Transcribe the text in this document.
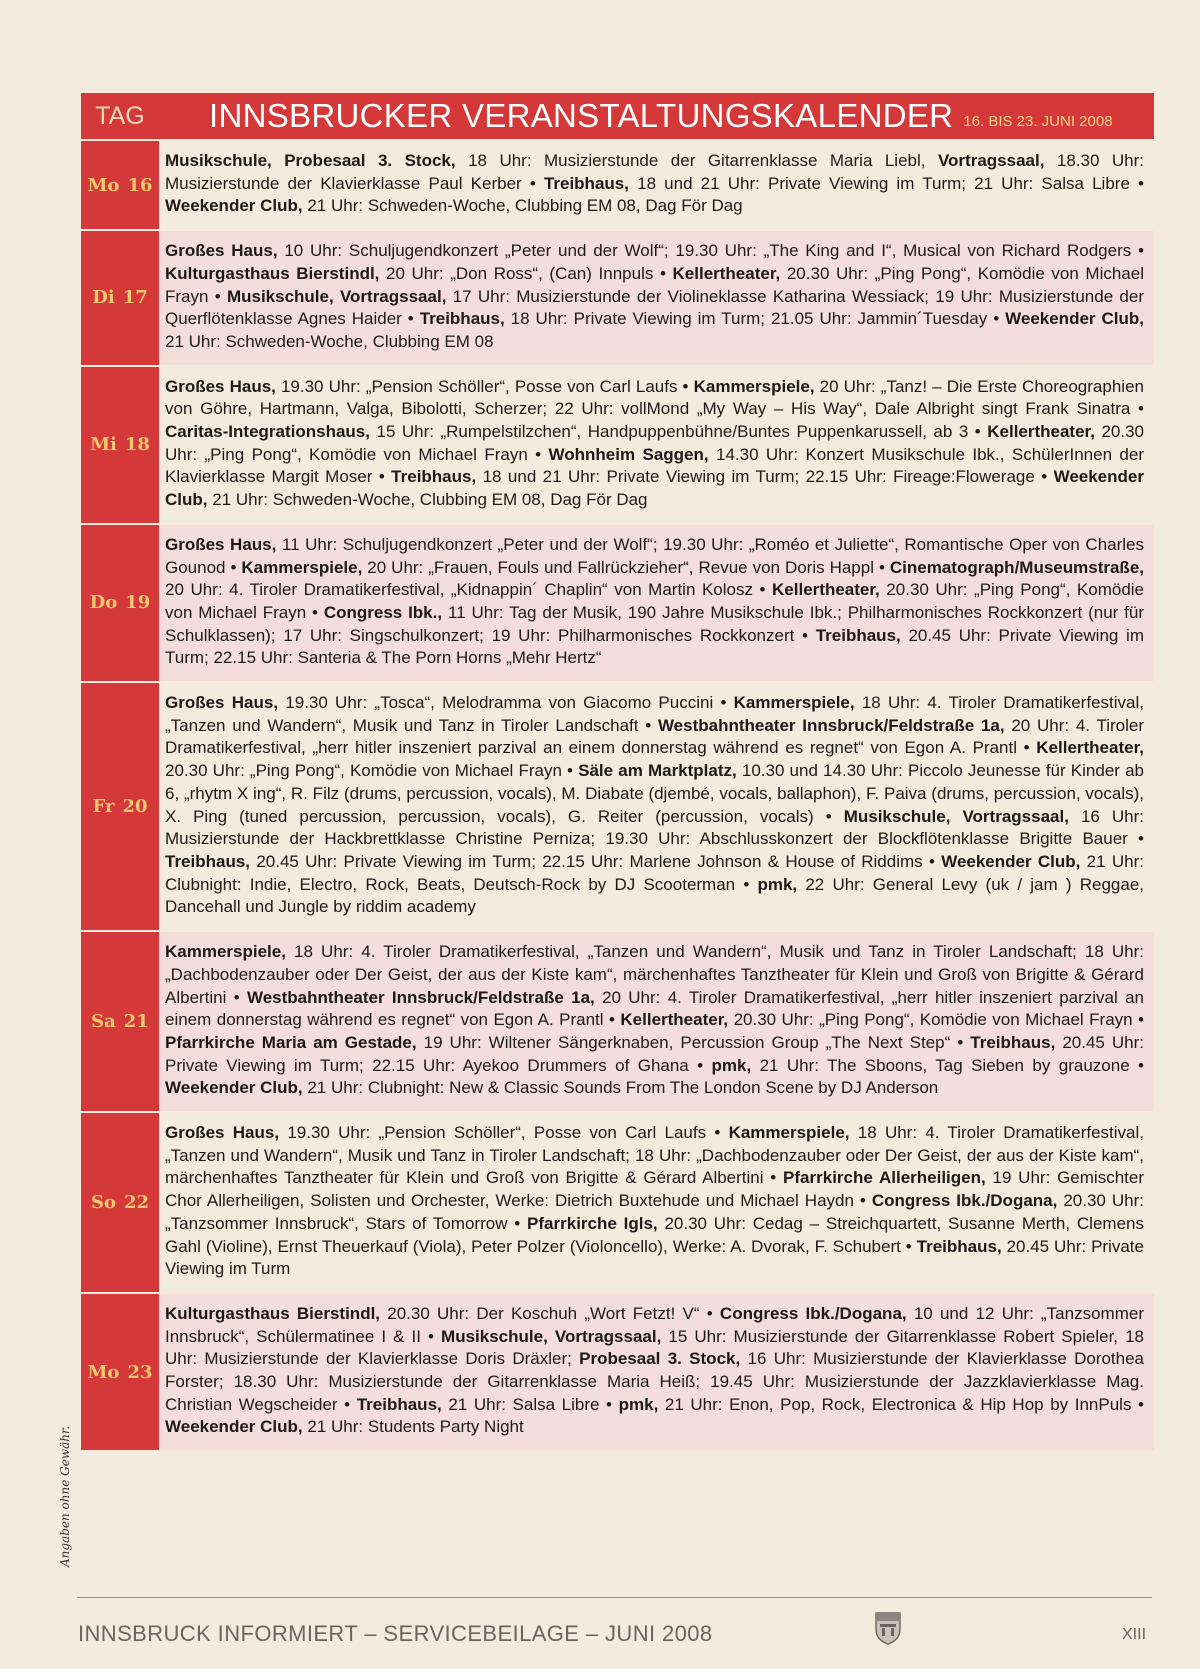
TAG	INNSBRUCKER VERANSTALTUNGSKALENDER 16. BIS 23. JUNI 2008
Mo 16
Musikschule, Probesaal 3. Stock, 18 Uhr: Musizierstunde der Gitarrenklasse Maria Liebl, Vortragssaal, 18.30 Uhr: Musizierstunde der Klavierklasse Paul Kerber • Treibhaus, 18 und 21 Uhr: Private Viewing im Turm; 21 Uhr: Salsa Libre • Weekender Club, 21 Uhr: Schweden-Woche, Clubbing EM 08, Dag För Dag
Di 17
Großes Haus, 10 Uhr: Schuljugendkonzert „Peter und der Wolf“; 19.30 Uhr: „The King and I“, Musical von Richard Rodgers • Kulturgasthaus Bierstindl, 20 Uhr: „Don Ross“, (Can) Innpuls • Kellertheater, 20.30 Uhr: „Ping Pong“, Komödie von Michael Frayn • Musikschule, Vortragssaal, 17 Uhr: Musizierstunde der Violineklasse Katharina Wessiack; 19 Uhr: Musizierstunde der Querflötenklasse Agnes Haider • Treibhaus, 18 Uhr: Private Viewing im Turm; 21.05 Uhr: Jammin´Tuesday • Weekender Club, 21 Uhr: Schweden-Woche, Clubbing EM 08
Mi 18
Großes Haus, 19.30 Uhr: „Pension Schöller“, Posse von Carl Laufs • Kammerspiele, 20 Uhr: „Tanz! – Die Erste Choreographien von Göhre, Hartmann, Valga, Bibolotti, Scherzer; 22 Uhr: vollMond „My Way – His Way“, Dale Albright singt Frank Sinatra • Caritas-Integrationshaus, 15 Uhr: „Rumpelstilzchen“, Handpuppenbühne/Buntes Puppenkarussell, ab 3 • Kellertheater, 20.30 Uhr: „Ping Pong“, Komödie von Michael Frayn • Wohnheim Saggen, 14.30 Uhr: Konzert Musikschule Ibk., SchülerInnen der Klavierklasse Margit Moser • Treibhaus, 18 und 21 Uhr: Private Viewing im Turm; 22.15 Uhr: Fireage:Flowerage • Weekender Club, 21 Uhr: Schweden-Woche, Clubbing EM 08, Dag För Dag
Do 19
Großes Haus, 11 Uhr: Schuljugendkonzert „Peter und der Wolf“; 19.30 Uhr: „Roméo et Juliette“, Romantische Oper von Charles Gounod • Kammerspiele, 20 Uhr: „Frauen, Fouls und Fallrückzieher“, Revue von Doris Happl • Cinematograph/Museumstraße, 20 Uhr: 4. Tiroler Dramatikerfestival, „Kidnappin´ Chaplin“ von Martin Kolosz • Kellertheater, 20.30 Uhr: „Ping Pong“, Komödie von Michael Frayn • Congress Ibk., 11 Uhr: Tag der Musik, 190 Jahre Musikschule Ibk.; Philharmonisches Rockkonzert (nur für Schulklassen); 17 Uhr: Singschulkonzert; 19 Uhr: Philharmonisches Rockkonzert • Treibhaus, 20.45 Uhr: Private Viewing im Turm; 22.15 Uhr: Santeria & The Porn Horns „Mehr Hertz“
Fr 20
Großes Haus, 19.30 Uhr: „Tosca“, Melodramma von Giacomo Puccini • Kammerspiele, 18 Uhr: 4. Tiroler Dramatikerfestival, „Tanzen und Wandern“, Musik und Tanz in Tiroler Landschaft • Westbahntheater Innsbruck/Feldstraße 1a, 20 Uhr: 4. Tiroler Dramatikerfestival, „herr hitler inszeniert parzival an einem donnerstag während es regnet“ von Egon A. Prantl • Kellertheater, 20.30 Uhr: „Ping Pong“, Komödie von Michael Frayn • Säle am Marktplatz, 10.30 und 14.30 Uhr: Piccolo Jeunesse für Kinder ab 6, „rhytm X ing“, R. Filz (drums, percussion, vocals), M. Diabate (djembé, vocals, ballaphon), F. Paiva (drums, percussion, vocals), X. Ping (tuned percussion, percussion, vocals), G. Reiter (percussion, vocals) • Musikschule, Vortragssaal, 16 Uhr: Musizierstunde der Hackbrettklasse Christine Perniza; 19.30 Uhr: Abschlusskonzert der Blockflötenklasse Brigitte Bauer • Treibhaus, 20.45 Uhr: Private Viewing im Turm; 22.15 Uhr: Marlene Johnson & House of Riddims • Weekender Club, 21 Uhr: Clubnight: Indie, Electro, Rock, Beats, Deutsch-Rock by DJ Scooterman • pmk, 22 Uhr: General Levy (uk / jam ) Reggae, Dancehall und Jungle by riddim academy
Sa 21
Kammerspiele, 18 Uhr: 4. Tiroler Dramatikerfestival, „Tanzen und Wandern“, Musik und Tanz in Tiroler Landschaft; 18 Uhr: „Dachbodenzauber oder Der Geist, der aus der Kiste kam“, märchenhaftes Tanztheater für Klein und Groß von Brigitte & Gérard Albertini • Westbahntheater Innsbruck/Feldstraße 1a, 20 Uhr: 4. Tiroler Dramatikerfestival, „herr hitler inszeniert parzival an einem donnerstag während es regnet“ von Egon A. Prantl • Kellertheater, 20.30 Uhr: „Ping Pong“, Komödie von Michael Frayn • Pfarrkirche Maria am Gestade, 19 Uhr: Wiltener Sängerknaben, Percussion Group „The Next Step“ • Treibhaus, 20.45 Uhr: Private Viewing im Turm; 22.15 Uhr: Ayekoo Drummers of Ghana • pmk, 21 Uhr: The Sboons, Tag Sieben by grauzone • Weekender Club, 21 Uhr: Clubnight: New & Classic Sounds From The London Scene by DJ Anderson
So 22
Großes Haus, 19.30 Uhr: „Pension Schöller“, Posse von Carl Laufs • Kammerspiele, 18 Uhr: 4. Tiroler Dramatikerfestival, „Tanzen und Wandern“, Musik und Tanz in Tiroler Landschaft; 18 Uhr: „Dachbodenzauber oder Der Geist, der aus der Kiste kam“, märchenhaftes Tanztheater für Klein und Groß von Brigitte & Gérard Albertini • Pfarrkirche Allerheiligen, 19 Uhr: Gemischter Chor Allerheiligen, Solisten und Orchester, Werke: Dietrich Buxtehude und Michael Haydn • Congress Ibk./Dogana, 20.30 Uhr: „Tanzsommer Innsbruck“, Stars of Tomorrow • Pfarrkirche Igls, 20.30 Uhr: Cedag – Streichquartett, Susanne Merth, Clemens Gahl (Violine), Ernst Theuerkauf (Viola), Peter Polzer (Violoncello), Werke: A. Dvorak, F. Schubert • Treibhaus, 20.45 Uhr: Private Viewing im Turm
Mo 23
Kulturgasthaus Bierstindl, 20.30 Uhr: Der Koschuh „Wort Fetzt! V“ • Congress Ibk./Dogana, 10 und 12 Uhr: „Tanzsommer Innsbruck“, Schülermatinee I & II • Musikschule, Vortragssaal, 15 Uhr: Musizierstunde der Gitarrenklasse Robert Spieler, 18 Uhr: Musizierstunde der Klavierklasse Doris Dräxler; Probesaal 3. Stock, 16 Uhr: Musizierstunde der Klavierklasse Dorothea Forster; 18.30 Uhr: Musizierstunde der Gitarrenklasse Maria Heiß; 19.45 Uhr: Musizierstunde der Jazzklavierklasse Mag. Christian Wegscheider • Treibhaus, 21 Uhr: Salsa Libre • pmk, 21 Uhr: Enon, Pop, Rock, Electronica & Hip Hop by InnPuls • Weekender Club, 21 Uhr: Students Party Night
Angaben ohne Gewähr.
INNSBRUCK INFORMIERT – SERVICEBEILAGE – JUNI 2008	XIII
